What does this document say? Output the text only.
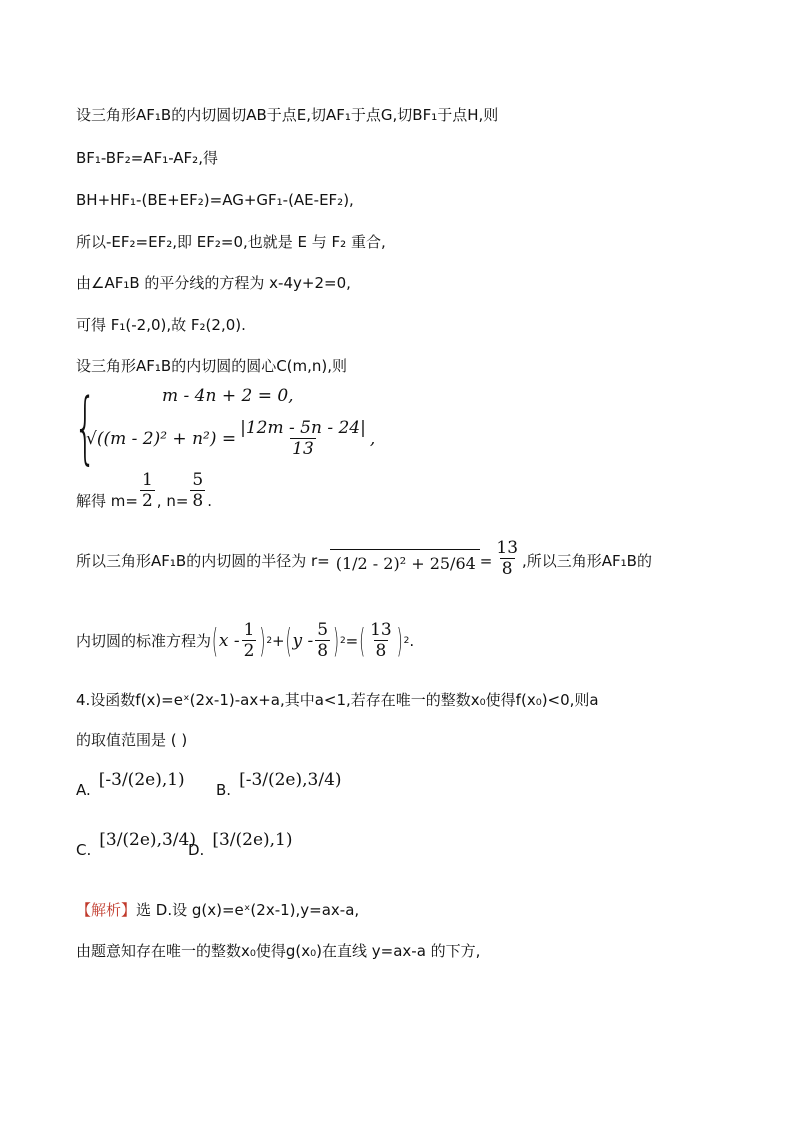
设三角形AF₁B的内切圆切AB于点E,切AF₁于点G,切BF₁于点H,则
BF₁-BF₂=AF₁-AF₂,得
BH+HF₁-(BE+EF₂)=AG+GF₁-(AE-EF₂),
所以-EF₂=EF₂,即 EF₂=0,也就是 E 与 F₂ 重合,
由∠AF₁B 的平分线的方程为 x-4y+2=0,
可得 F₁(-2,0),故 F₂(2,0).
设三角形AF₁B的内切圆的圆心C(m,n),则
{	m - 4n + 2 = 0,
$√((m - 2)^2 + n^2) = \frac{|12m - 5n - 24|}{13}$ ,
解得 $m= \frac{1}{2}$ , $n= \frac{5}{8}$ .
所以三角形AF₁B的内切圆的半径为 $r= (1/2 - 2)^2 + 25/64 = \frac{13}{8}$ ,所以三角形AF₁B的
内切圆的标准方程为 ( x - $\frac{1}{2}$ ) 2 + ( y - $\frac{5}{8}$ ) 2 = ( $\frac{13}{8}$ ) 2 .
4.设函数f(x)=eˣ(2x-1)-ax+a,其中a<1,若存在唯一的整数x₀使得f(x₀)<0,则a
的取值范围是 ( )
A. [-3/(2e),1) B. [-3/(2e),3/4)
C. [3/(2e),3/4)
D. [3/(2e),1)
【解析】选 D.设 g(x)=eˣ(2x-1),y=ax-a,
由题意知存在唯一的整数x₀使得g(x₀)在直线 y=ax-a 的下方,
